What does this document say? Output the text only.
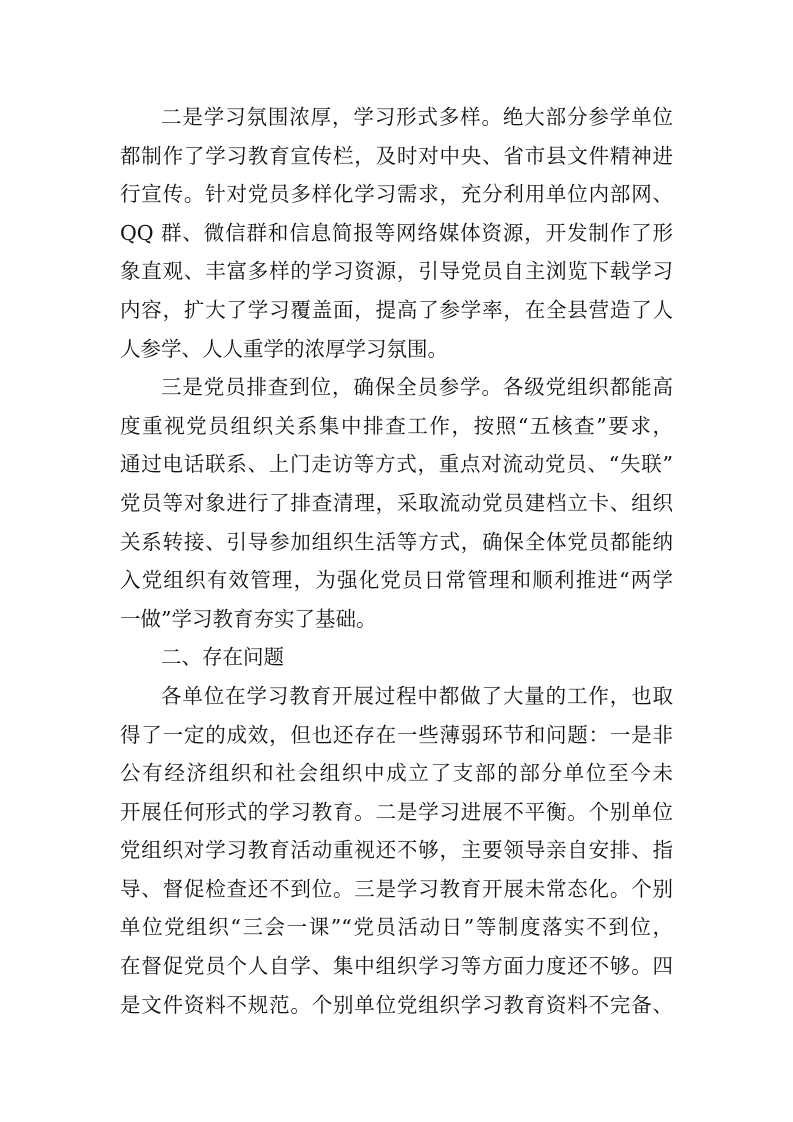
二是学习氛围浓厚，学习形式多样。绝大部分参学单位
都制作了学习教育宣传栏，及时对中央、省市县文件精神进
行宣传。针对党员多样化学习需求，充分利用单位内部网、
QQ 群、微信群和信息简报等网络媒体资源，开发制作了形
象直观、丰富多样的学习资源，引导党员自主浏览下载学习
内容，扩大了学习覆盖面，提高了参学率，在全县营造了人
人参学、人人重学的浓厚学习氛围。
三是党员排查到位，确保全员参学。各级党组织都能高
度重视党员组织关系集中排查工作，按照“五核查”要求，
通过电话联系、上门走访等方式，重点对流动党员、“失联”
党员等对象进行了排查清理，采取流动党员建档立卡、组织
关系转接、引导参加组织生活等方式，确保全体党员都能纳
入党组织有效管理，为强化党员日常管理和顺利推进“两学
一做”学习教育夯实了基础。
二、存在问题
各单位在学习教育开展过程中都做了大量的工作，也取
得了一定的成效，但也还存在一些薄弱环节和问题：一是非
公有经济组织和社会组织中成立了支部的部分单位至今未
开展任何形式的学习教育。二是学习进展不平衡。个别单位
党组织对学习教育活动重视还不够，主要领导亲自安排、指
导、督促检查还不到位。三是学习教育开展未常态化。个别
单位党组织“三会一课”“党员活动日”等制度落实不到位，
在督促党员个人自学、集中组织学习等方面力度还不够。四
是文件资料不规范。个别单位党组织学习教育资料不完备、
